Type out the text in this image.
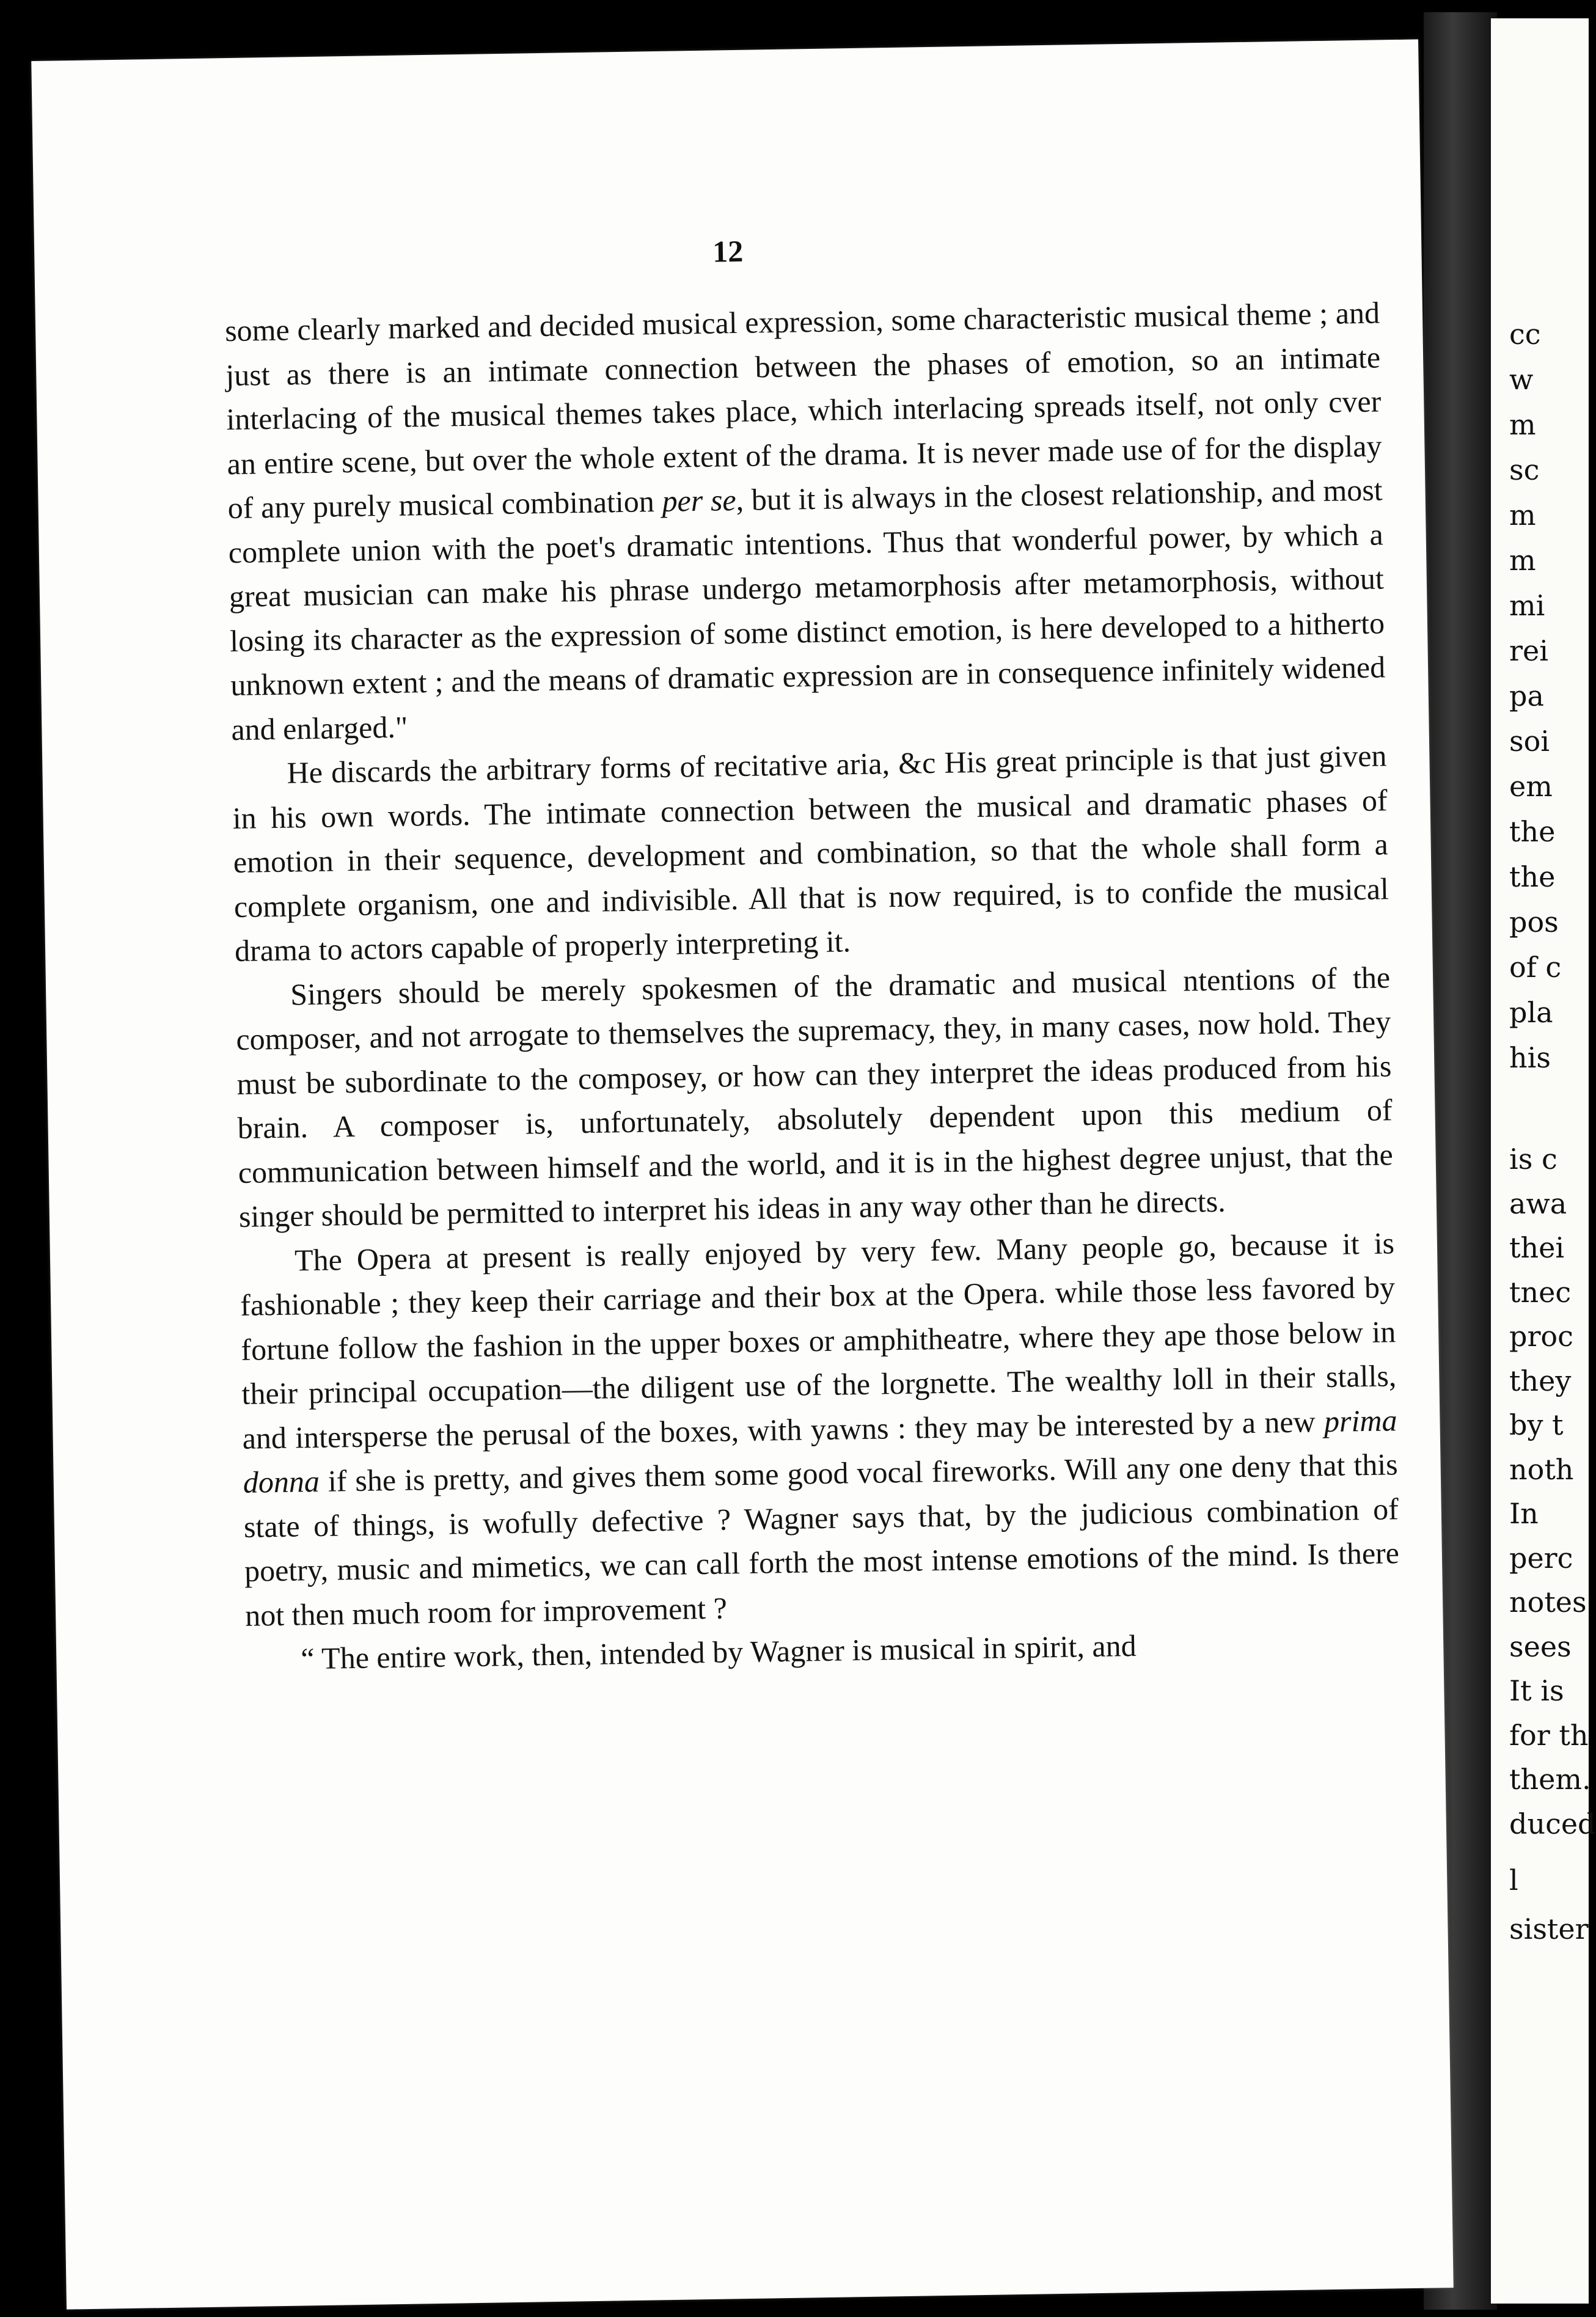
cc
w
m
sc
m
m
mi
rei
pa
soi
em
the
the
pos
of c
pla
his
is c
awa
thei
tnec
proc
they
by t
noth
In
perc
notes
sees
It is
for th
them.
duced
l
sister
12

some clearly marked and decided musical expression, some characteristic musical theme ; and just as there is an intimate connection between the phases of emotion, so an intimate interlacing of the musical themes takes place, which interlacing spreads itself, not only cver an entire scene, but over the whole extent of the drama. It is never made use of for the display of any purely musical combination per se, but it is always in the closest relationship, and most complete union with the poet's dramatic intentions. Thus that wonderful power, by which a great musician can make his phrase undergo metamorphosis after metamorphosis, without losing its character as the expression of some distinct emotion, is here developed to a hitherto unknown extent ; and the means of dramatic expression are in consequence infinitely widened and enlarged."

He discards the arbitrary forms of recitative aria, &c His great principle is that just given in his own words. The intimate connection between the musical and dramatic phases of emotion in their sequence, development and combination, so that the whole shall form a complete organism, one and indivisible. All that is now required, is to confide the musical drama to actors capable of properly interpreting it.

Singers should be merely spokesmen of the dramatic and musical ntentions of the composer, and not arrogate to themselves the supremacy, they, in many cases, now hold. They must be subordinate to the composey, or how can they interpret the ideas produced from his brain. A composer is, unfortunately, absolutely dependent upon this medium of communication between himself and the world, and it is in the highest degree unjust, that the singer should be permitted to interpret his ideas in any way other than he directs.

The Opera at present is really enjoyed by very few. Many people go, because it is fashionable ; they keep their carriage and their box at the Opera. while those less favored by fortune follow the fashion in the upper boxes or amphitheatre, where they ape those below in their principal occupation—the diligent use of the lorgnette. The wealthy loll in their stalls, and intersperse the perusal of the boxes, with yawns : they may be interested by a new prima donna if she is pretty, and gives them some good vocal fireworks. Will any one deny that this state of things, is wofully defective ? Wagner says that, by the judicious combination of poetry, music and mimetics, we can call forth the most intense emotions of the mind. Is there not then much room for improvement ?

“ The entire work, then, intended by Wagner is musical in spirit, and
